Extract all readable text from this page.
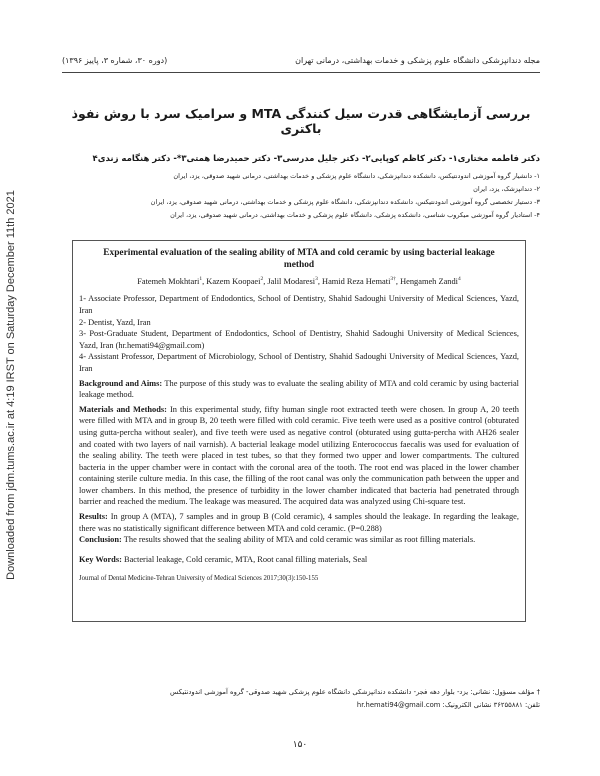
Downloaded from jdm.tums.ac.ir at 4:19 IRST on Saturday December 11th 2021
مجله دندانپزشکی دانشگاه علوم پزشکی و خدمات بهداشتی، درمانی تهران
(دوره ۳۰، شماره ۳، پاییز ۱۳۹۶)
بررسی آزمایشگاهی قدرت سیل کنندگی MTA و سرامیک سرد با روش نفوذ باکتری
دکتر فاطمه مختاری۱- دکتر کاظم کوپایی۲- دکتر جلیل مدرسی۳- دکتر حمیدرضا همتی۳*- دکتر هنگامه زندی۴
۱- دانشیار گروه آموزشی اندودنتیکس، دانشکده دندانپزشکی، دانشگاه علوم پزشکی و خدمات بهداشتی، درمانی شهید صدوقی، یزد، ایران
۲- دندانپزشک، یزد، ایران
۳- دستیار تخصصی گروه آموزشی اندودنتیکس، دانشکده دندانپزشکی، دانشگاه علوم پزشکی و خدمات بهداشتی، درمانی شهید صدوقی، یزد، ایران
۴- استادیار گروه آموزشی میکروب شناسی، دانشکده پزشکی، دانشگاه علوم پزشکی و خدمات بهداشتی، درمانی شهید صدوقی، یزد، ایران
Experimental evaluation of the sealing ability of MTA and cold ceramic by using bacterial leakage method
Fatemeh Mokhtari$^1$, Kazem Koopaei$^2$, Jalil Modaresi$^3$, Hamid Reza Hemati$^{3\dagger}$, Hengameh Zandi$^4$
1- Associate Professor, Department of Endodontics, School of Dentistry, Shahid Sadoughi University of Medical Sciences, Yazd, Iran
2- Dentist, Yazd, Iran
3- Post-Graduate Student, Department of Endodontics, School of Dentistry, Shahid Sadoughi University of Medical Sciences, Yazd, Iran (hr.hemati94@gmail.com)
4- Assistant Professor, Department of Microbiology, School of Dentistry, Shahid Sadoughi University of Medical Sciences, Yazd, Iran
Background and Aims: The purpose of this study was to evaluate the sealing ability of MTA and cold ceramic by using bacterial leakage method.
Materials and Methods: In this experimental study, fifty human single root extracted teeth were chosen. In group A, 20 teeth were filled with MTA and in group B, 20 teeth were filled with cold ceramic. Five teeth were used as a positive control (obturated using gutta-percha without sealer), and five teeth were used as negative control (obturated using gutta-percha with AH26 sealer and coated with two layers of nail varnish). A bacterial leakage model utilizing Enterococcus faecalis was used for evaluation of the sealing ability. The teeth were placed in test tubes, so that they formed two upper and lower compartments. The cultured bacteria in the upper chamber were in contact with the coronal area of the tooth. The root end was placed in the lower chamber containing sterile culture media. In this case, the filling of the root canal was only the communication path between the upper and lower chambers. In this method, the presence of turbidity in the lower chamber indicated that bacteria had penetrated through barrier and reached the medium. The leakage was measured. The acquired data was analyzed using Chi-square test.
Results: In group A (MTA), 7 samples and in group B (Cold ceramic), 4 samples should the leakage. In regarding the leakage, there was no statistically significant difference between MTA and cold ceramic. (P=0.288)
Conclusion: The results showed that the sealing ability of MTA and cold ceramic was similar as root filling materials.
Key Words: Bacterial leakage, Cold ceramic, MTA, Root canal filling materials, Seal
Journal of Dental Medicine-Tehran University of Medical Sciences 2017;30(3):150-155
† مؤلف مسؤول: نشانی: یزد- بلوار دهه فجر- دانشکده دندانپزشکی دانشگاه علوم پزشکی شهید صدوقی- گروه آموزشی اندودنتیکس
تلفن: ۳۶۲۵۵۸۸۱ نشانی الکترونیک: hr.hemati94@gmail.com
۱۵۰
